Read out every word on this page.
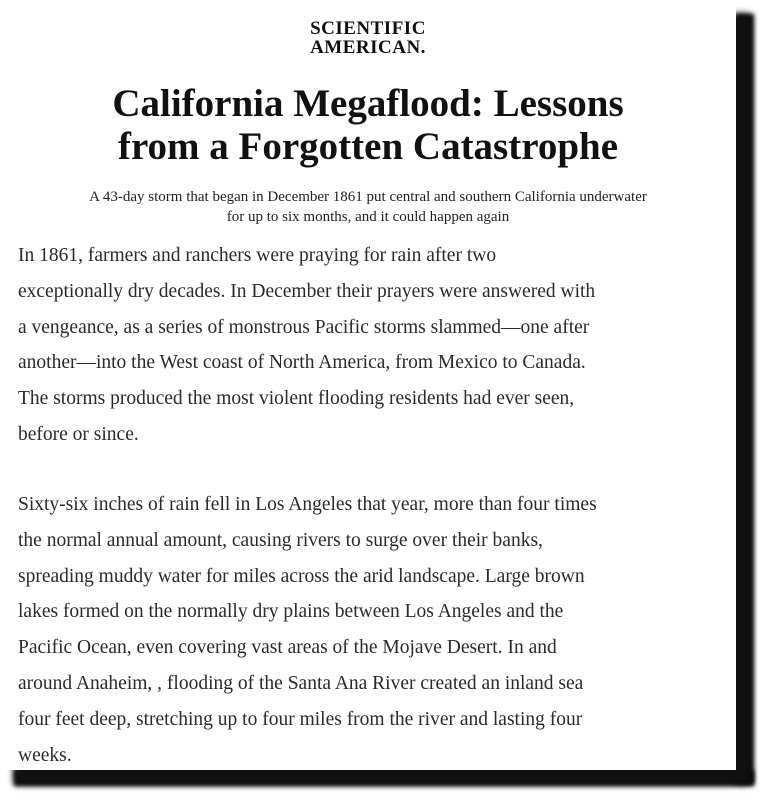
SCIENTIFIC
AMERICAN.
California Megaflood: Lessons
from a Forgotten Catastrophe
A 43-day storm that began in December 1861 put central and southern California underwater
for up to six months, and it could happen again
In 1861, farmers and ranchers were praying for rain after two
exceptionally dry decades. In December their prayers were answered with
a vengeance, as a series of monstrous Pacific storms slammed—one after
another—into the West coast of North America, from Mexico to Canada.
The storms produced the most violent flooding residents had ever seen,
before or since.
Sixty-six inches of rain fell in Los Angeles that year, more than four times
the normal annual amount, causing rivers to surge over their banks,
spreading muddy water for miles across the arid landscape. Large brown
lakes formed on the normally dry plains between Los Angeles and the
Pacific Ocean, even covering vast areas of the Mojave Desert. In and
around Anaheim, , flooding of the Santa Ana River created an inland sea
four feet deep, stretching up to four miles from the river and lasting four
weeks.
